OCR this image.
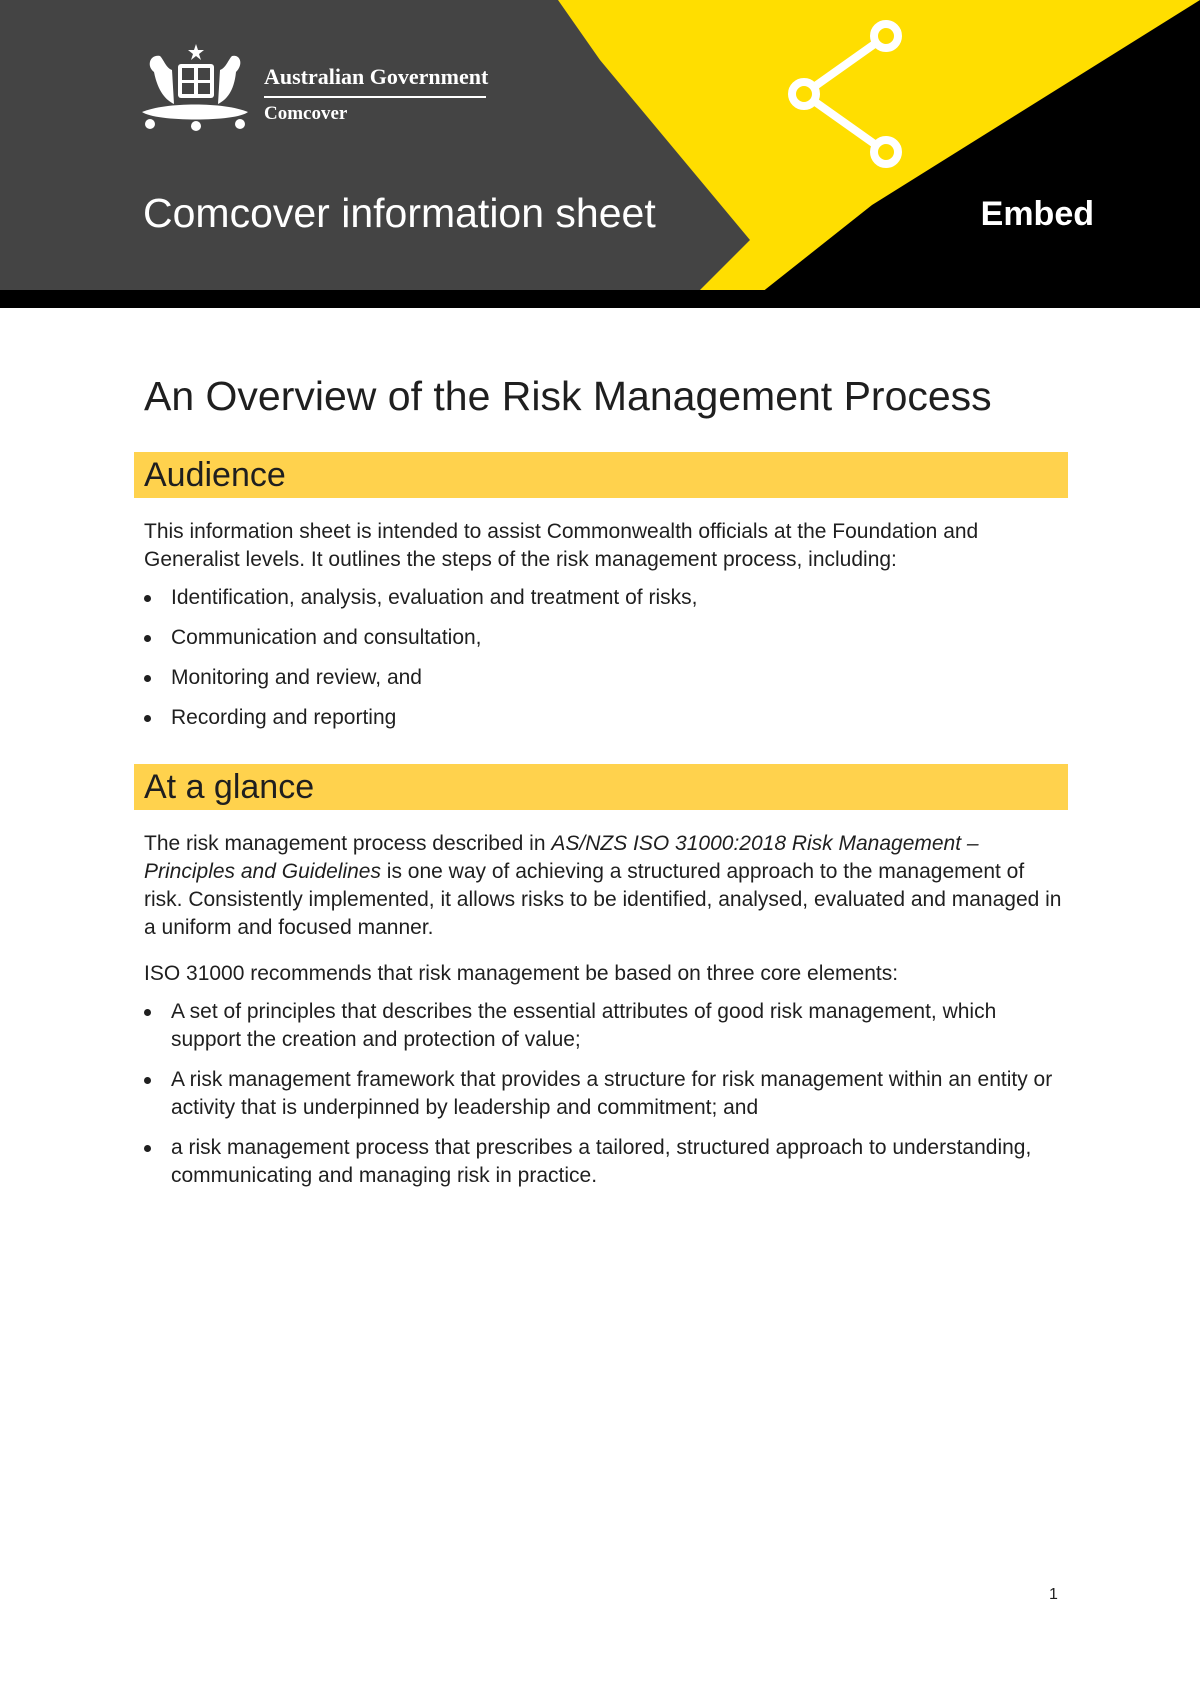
Australian Government
Comcover
Comcover information sheet	Embed
An Overview of the Risk Management Process
Audience

This information sheet is intended to assist Commonwealth officials at the Foundation and Generalist levels. It outlines the steps of the risk management process, including:

Identification, analysis, evaluation and treatment of risks,
Communication and consultation,
Monitoring and review, and
Recording and reporting
At a glance

The risk management process described in AS/NZS ISO 31000:2018 Risk Management – Principles and Guidelines is one way of achieving a structured approach to the management of risk. Consistently implemented, it allows risks to be identified, analysed, evaluated and managed in a uniform and focused manner.

ISO 31000 recommends that risk management be based on three core elements:

A set of principles that describes the essential attributes of good risk management, which support the creation and protection of value;
A risk management framework that provides a structure for risk management within an entity or activity that is underpinned by leadership and commitment; and
a risk management process that prescribes a tailored, structured approach to understanding, communicating and managing risk in practice.
1
